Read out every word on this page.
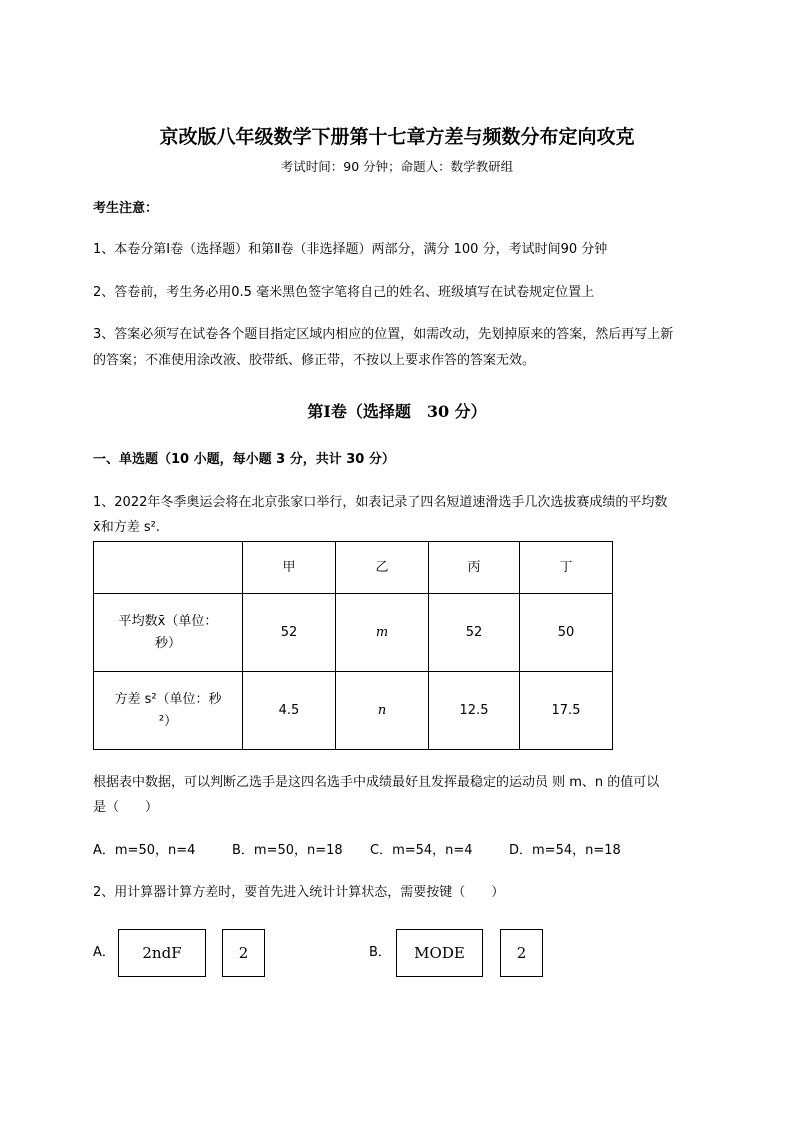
京改版八年级数学下册第十七章方差与频数分布定向攻克
考试时间：90 分钟；命题人：数学教研组
考生注意：
1、本卷分第Ⅰ卷（选择题）和第Ⅱ卷（非选择题）两部分，满分 100 分，考试时间90 分钟
2、答卷前，考生务必用0.5 毫米黑色签字笔将自己的姓名、班级填写在试卷规定位置上
3、答案必须写在试卷各个题目指定区域内相应的位置，如需改动，先划掉原来的答案，然后再写上新
的答案；不准使用涂改液、胶带纸、修正带，不按以上要求作答的答案无效。
第Ⅰ卷（选择题　30 分）
一、单选题（10 小题，每小题 3 分，共计 30 分）
1、2022年冬季奥运会将在北京张家口举行，如表记录了四名短道速滑选手几次选拔赛成绩的平均数
x̄和方差 s².
	甲	乙	丙	丁

平均数x̄（单位：
秒）	52	m	52	50

方差 s²（单位：秒
²）	4.5	n	12.5	17.5
根据表中数据，可以判断乙选手是这四名选手中成绩最好且发挥最稳定的运动员 则 m、n 的值可以
是（　　）
A．m=50，n=4	B．m=50，n=18 C．m=54，n=4	D．m=54，n=18
2、用计算器计算方差时，要首先进入统计计算状态，需要按键（　　）
A．	2ndF	2	B．	MODE	2
